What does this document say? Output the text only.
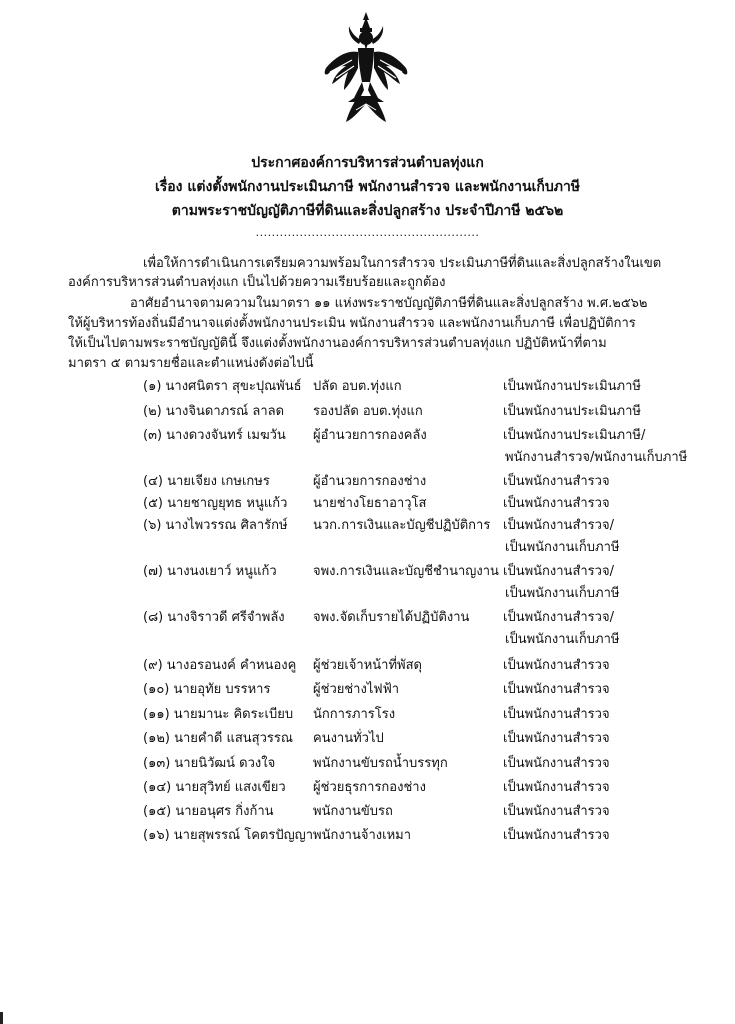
ประกาศองค์การบริหารส่วนตำบลทุ่งแก
เรื่อง แต่งตั้งพนักงานประเมินภาษี พนักงานสำรวจ และพนักงานเก็บภาษี
ตามพระราชบัญญัติภาษีที่ดินและสิ่งปลูกสร้าง ประจำปีภาษี ๒๕๖๒
........................................................
เพื่อให้การดำเนินการเตรียมความพร้อมในการสำรวจ ประเมินภาษีที่ดินและสิ่งปลูกสร้างในเขต
องค์การบริหารส่วนตำบลทุ่งแก เป็นไปด้วยความเรียบร้อยและถูกต้อง
อาศัยอำนาจตามความในมาตรา ๑๑ แห่งพระราชบัญญัติภาษีที่ดินและสิ่งปลูกสร้าง พ.ศ.๒๕๖๒
ให้ผู้บริหารท้องถิ่นมีอำนาจแต่งตั้งพนักงานประเมิน พนักงานสำรวจ และพนักงานเก็บภาษี เพื่อปฏิบัติการ
ให้เป็นไปตามพระราชบัญญัตินี้ จึงแต่งตั้งพนักงานองค์การบริหารส่วนตำบลทุ่งแก ปฏิบัติหน้าที่ตาม
มาตรา ๕ ตามรายชื่อและตำแหน่งดังต่อไปนี้
(๑) นางศนิตรา สุขะปุณพันธ์ ปลัด อบต.ทุ่งแก	เป็นพนักงานประเมินภาษี
(๒) นางจินดาภรณ์ ลาลด รองปลัด อบต.ทุ่งแก	เป็นพนักงานประเมินภาษี
(๓) นางดวงจันทร์ เมฆวัน ผู้อำนวยการกองคลัง	เป็นพนักงานประเมินภาษี/
พนักงานสำรวจ/พนักงานเก็บภาษี
(๔) นายเจียง เกษเกษร	ผู้อำนวยการกองช่าง	เป็นพนักงานสำรวจ
(๕) นายชาญยุทธ หนูแก้ว นายช่างโยธาอาวุโส	เป็นพนักงานสำรวจ
(๖) นางไพวรรณ ศิลารักษ์ นวก.การเงินและบัญชีปฏิบัติการ เป็นพนักงานสำรวจ/
เป็นพนักงานเก็บภาษี
(๗) นางนงเยาว์ หนูแก้ว	จพง.การเงินและบัญชีชำนาญงาน เป็นพนักงานสำรวจ/
เป็นพนักงานเก็บภาษี
(๘) นางจิราวดี ศรีจำพลัง จพง.จัดเก็บรายได้ปฏิบัติงาน	เป็นพนักงานสำรวจ/
เป็นพนักงานเก็บภาษี
(๙) นางอรอนงค์ คำหนองคู ผู้ช่วยเจ้าหน้าที่พัสดุ	เป็นพนักงานสำรวจ
(๑๐) นายอุทัย บรรหาร	ผู้ช่วยช่างไฟฟ้า	เป็นพนักงานสำรวจ
(๑๑) นายมานะ คิดระเบียบ นักการภารโรง	เป็นพนักงานสำรวจ
(๑๒) นายคำดี แสนสุวรรณ คนงานทั่วไป	เป็นพนักงานสำรวจ
(๑๓) นายนิวัฒน์ ดวงใจ	พนักงานขับรถน้ำบรรทุก	เป็นพนักงานสำรวจ
(๑๔) นายสุวิทย์ แสงเขียว ผู้ช่วยธุรการกองช่าง	เป็นพนักงานสำรวจ
(๑๕) นายอนุศร กิ่งก้าน	พนักงานขับรถ	เป็นพนักงานสำรวจ
(๑๖) นายสุพรรณ์ โคตรปัญญา พนักงานจ้างเหมา	เป็นพนักงานสำรวจ
